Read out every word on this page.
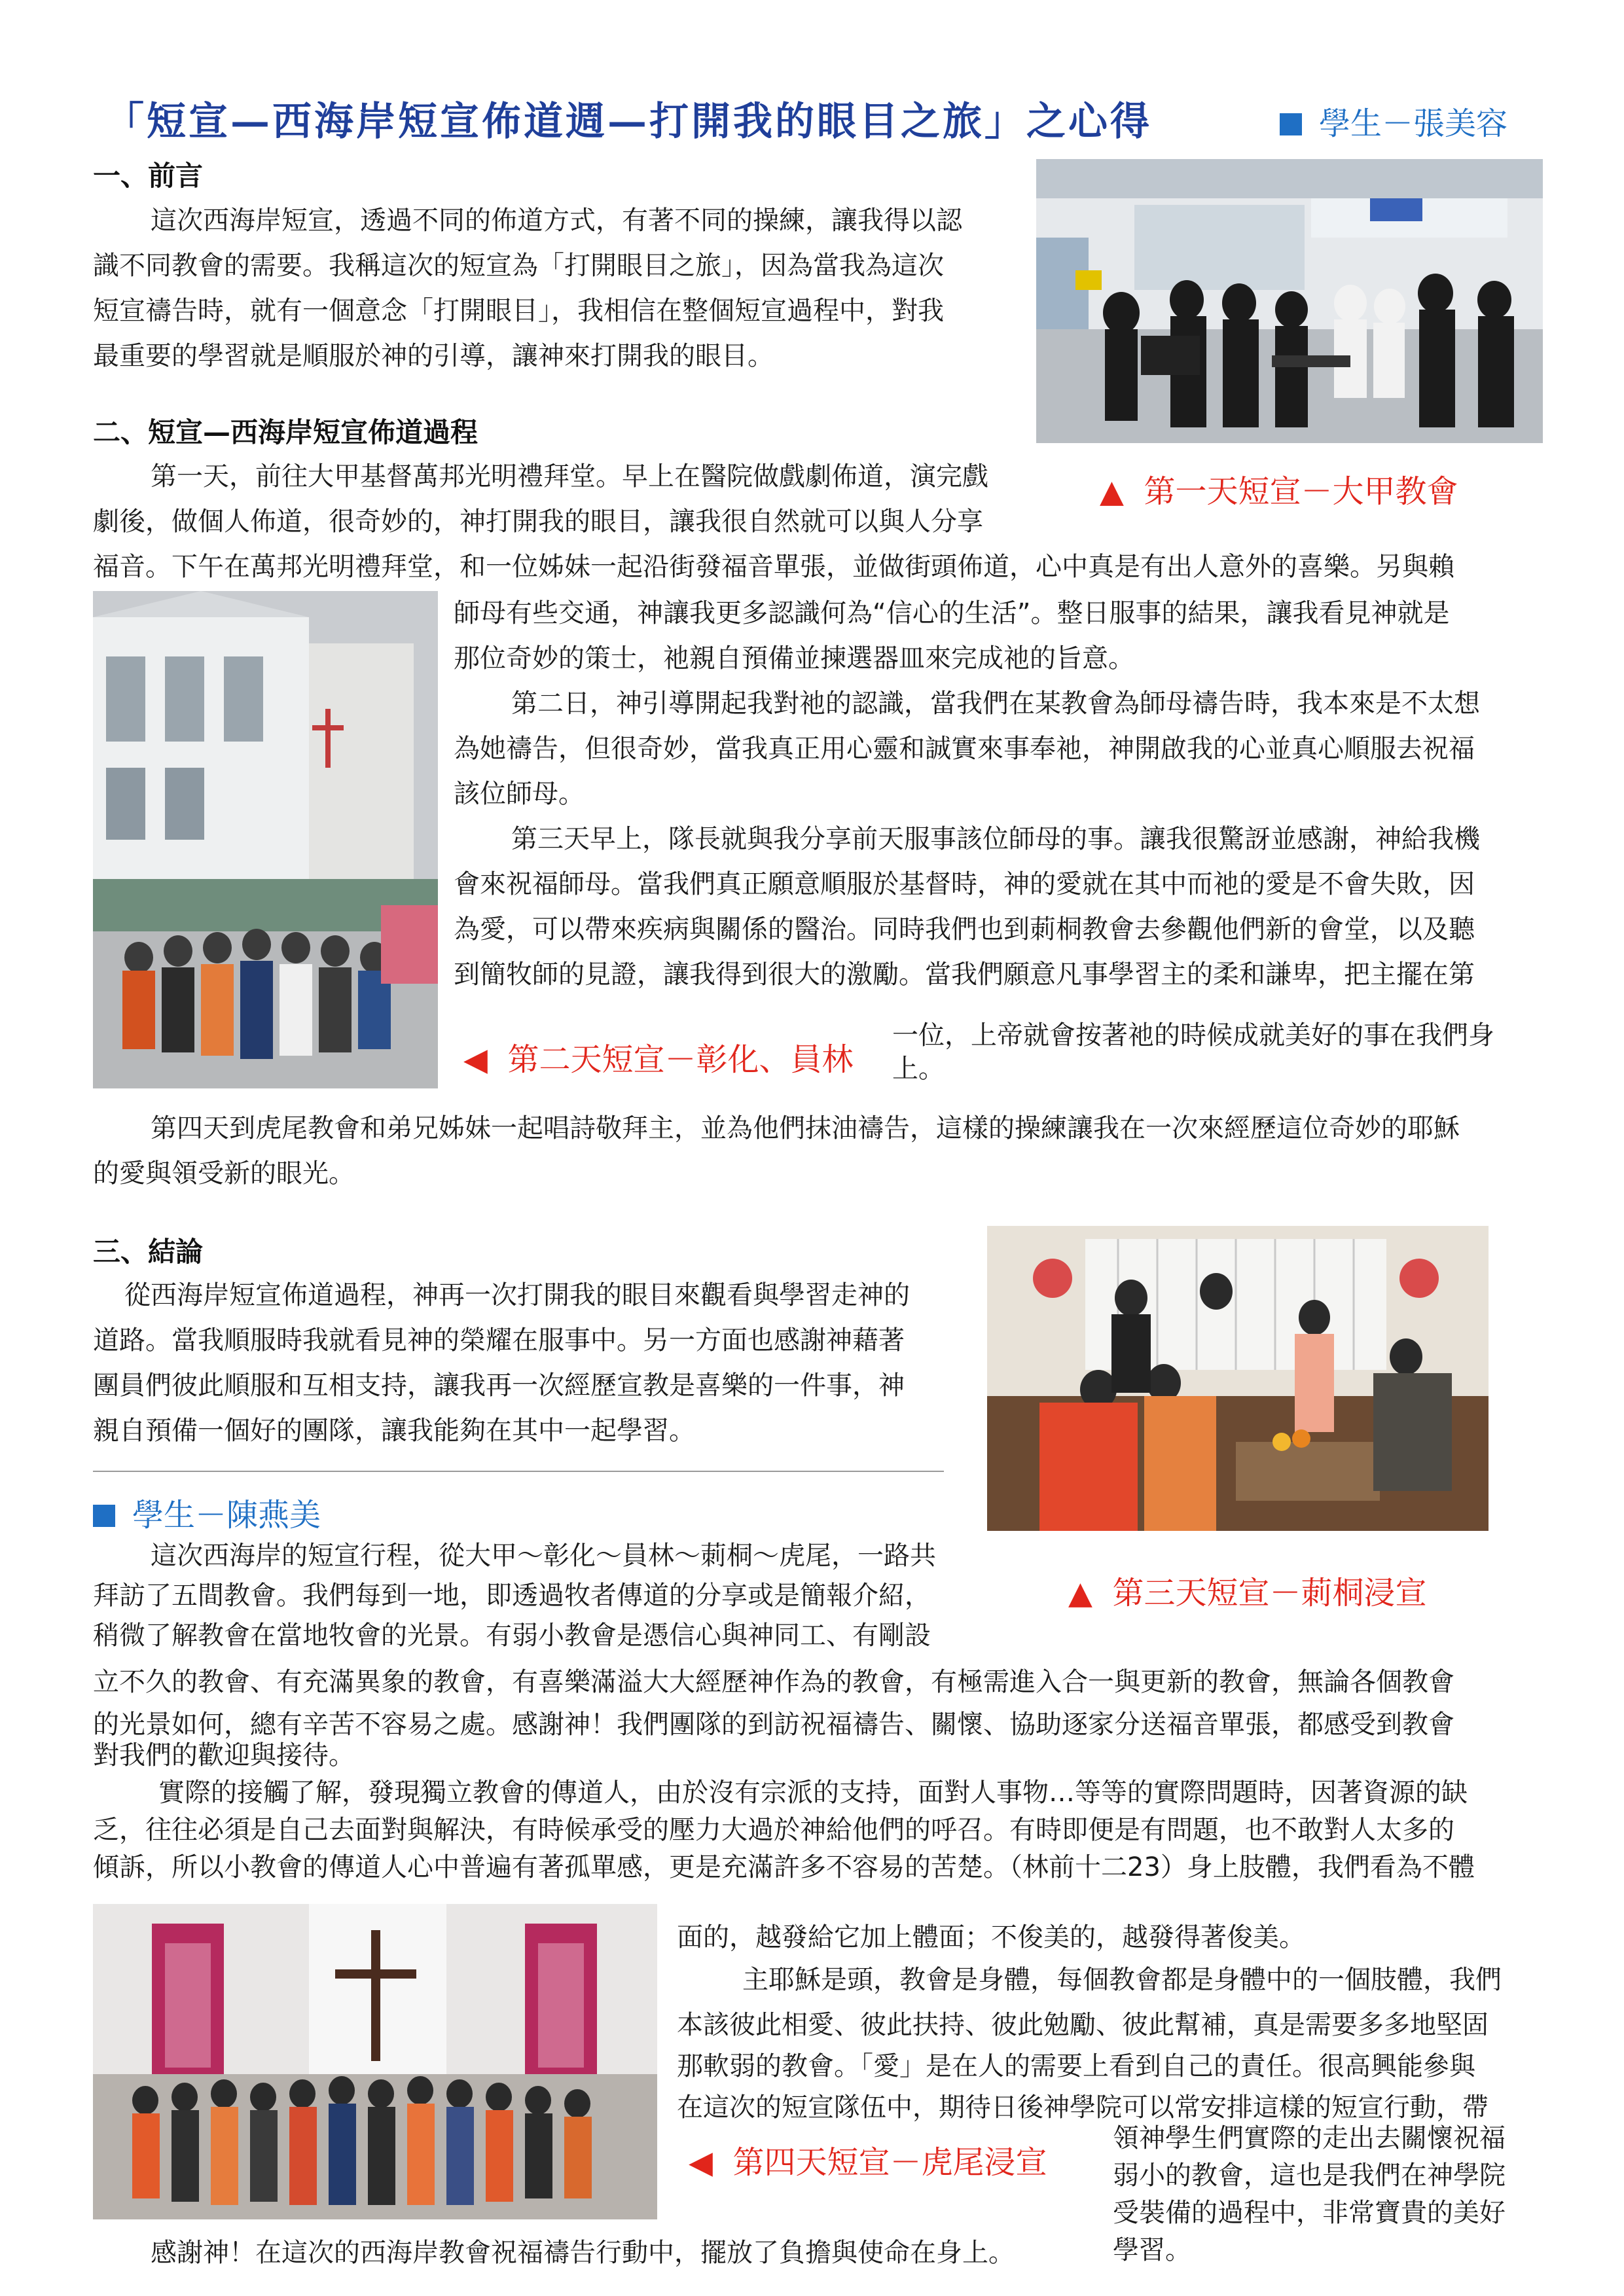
「短宣—西海岸短宣佈道週—打開我的眼目之旅」之心得	學生－張美容
一、前言
這次西海岸短宣，透過不同的佈道方式，有著不同的操練，讓我得以認
識不同教會的需要。我稱這次的短宣為「打開眼目之旅」，因為當我為這次
短宣禱告時，就有一個意念「打開眼目」，我相信在整個短宣過程中，對我
最重要的學習就是順服於神的引導，讓神來打開我的眼目。
二、短宣—西海岸短宣佈道過程
第一天，前往大甲基督萬邦光明禮拜堂。早上在醫院做戲劇佈道，演完戲
劇後，做個人佈道，很奇妙的，神打開我的眼目，讓我很自然就可以與人分享
福音。下午在萬邦光明禮拜堂，和一位姊妹一起沿街發福音單張，並做街頭佈道，心中真是有出人意外的喜樂。另與賴
▲ 第一天短宣－大甲教會
師母有些交通，神讓我更多認識何為“信心的生活”。整日服事的結果，讓我看見神就是
那位奇妙的策士，祂親自預備並揀選器皿來完成祂的旨意。
第二日，神引導開起我對祂的認識，當我們在某教會為師母禱告時，我本來是不太想
為她禱告，但很奇妙，當我真正用心靈和誠實來事奉祂，神開啟我的心並真心順服去祝福
該位師母。
第三天早上，隊長就與我分享前天服事該位師母的事。讓我很驚訝並感謝，神給我機
會來祝福師母。當我們真正願意順服於基督時，神的愛就在其中而祂的愛是不會失敗，因
為愛，可以帶來疾病與關係的醫治。同時我們也到莿桐教會去參觀他們新的會堂，以及聽
到簡牧師的見證，讓我得到很大的激勵。當我們願意凡事學習主的柔和謙卑，把主擺在第
◀ 第二天短宣－彰化、員林
一位，上帝就會按著祂的時候成就美好的事在我們身
上。
第四天到虎尾教會和弟兄姊妹一起唱詩敬拜主，並為他們抹油禱告，這樣的操練讓我在一次來經歷這位奇妙的耶穌
的愛與領受新的眼光。
三、結論
從西海岸短宣佈道過程，神再一次打開我的眼目來觀看與學習走神的
道路。當我順服時我就看見神的榮耀在服事中。另一方面也感謝神藉著
團員們彼此順服和互相支持，讓我再一次經歷宣教是喜樂的一件事，神
親自預備一個好的團隊，讓我能夠在其中一起學習。
學生－陳燕美
這次西海岸的短宣行程，從大甲～彰化～員林～莿桐～虎尾，一路共
拜訪了五間教會。我們每到一地，即透過牧者傳道的分享或是簡報介紹，
稍微了解教會在當地牧會的光景。有弱小教會是憑信心與神同工、有剛設
▲ 第三天短宣－莿桐浸宣
立不久的教會、有充滿異象的教會，有喜樂滿溢大大經歷神作為的教會，有極需進入合一與更新的教會，無論各個教會
的光景如何，總有辛苦不容易之處。感謝神！我們團隊的到訪祝福禱告、關懷、協助逐家分送福音單張，都感受到教會
對我們的歡迎與接待。
實際的接觸了解，發現獨立教會的傳道人，由於沒有宗派的支持，面對人事物…等等的實際問題時，因著資源的缺
乏，往往必須是自己去面對與解決，有時候承受的壓力大過於神給他們的呼召。有時即便是有問題，也不敢對人太多的
傾訴，所以小教會的傳道人心中普遍有著孤單感，更是充滿許多不容易的苦楚。（林前十二23）身上肢體，我們看為不體
面的，越發給它加上體面；不俊美的，越發得著俊美。
主耶穌是頭，教會是身體，每個教會都是身體中的一個肢體，我們
本該彼此相愛、彼此扶持、彼此勉勵、彼此幫補，真是需要多多地堅固
那軟弱的教會。「愛」是在人的需要上看到自己的責任。很高興能參與
在這次的短宣隊伍中，期待日後神學院可以常安排這樣的短宣行動，帶
◀ 第四天短宣－虎尾浸宣
領神學生們實際的走出去關懷祝福
弱小的教會，這也是我們在神學院
受裝備的過程中，非常寶貴的美好
學習。
感謝神！在這次的西海岸教會祝福禱告行動中，擺放了負擔與使命在身上。
